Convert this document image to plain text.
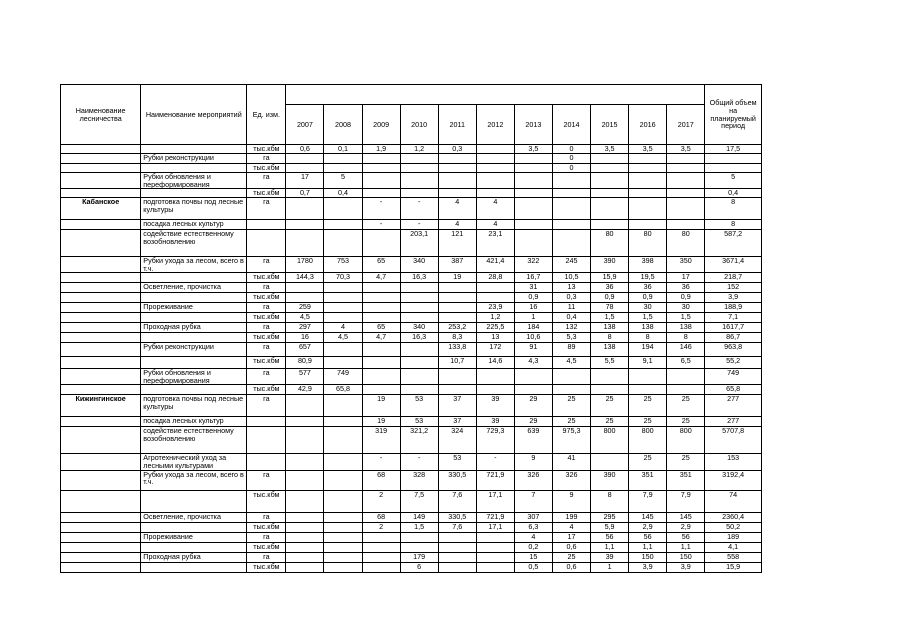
Наименование лесничества	Наименование мероприятий	Ед. изм.												Общий объем на планируемый период
			2007	2008	2009	2010	2011	2012	2013	2014	2015	2016	2017	
		тыс.кбм	0,6	0,1	1,9	1,2	0,3		3,5	0	3,5	3,5	3,5	17,5
	Рубки реконструкции	га								0				
		тыс.кбм								0				
	Рубки обновления и переформирования	га	17	5										5
		тыс.кбм	0,7	0,4										0,4
Кабанское	подготовка почвы под лесные культуры	га			-	-	4	4						8
	посадка лесных культур				-	-	4	4						8
	содействие естественному возобновлению					203,1	121	23,1			80	80	80	587,2
	Рубки ухода за лесом, всего в т.ч.	га	1780	753	65	340	387	421,4	322	245	390	398	350	3671,4
		тыс.кбм	144,3	70,3	4,7	16,3	19	28,8	16,7	10,5	15,9	19,5	17	218,7
	Осветление, прочистка	га							31	13	36	36	36	152
		тыс.кбм							0,9	0,3	0,9	0,9	0,9	3,9
	Прореживание	га	259					23,9	16	11	78	30	30	188,9
		тыс.кбм	4,5					1,2	1	0,4	1,5	1,5	1,5	7,1
	Проходная рубка	га	297	4	65	340	253,2	225,5	184	132	138	138	138	1617,7
		тыс.кбм	16	4,5	4,7	16,3	8,3	13	10,6	5,3	8	8	8	86,7
	Рубки реконструкции	га	657				133,8	172	91	89	138	194	146	963,8
		тыс.кбм	80,9				10,7	14,6	4,3	4,5	5,5	9,1	6,5	55,2
	Рубки обновления и переформирования	га	577	749										749
		тыс.кбм	42,9	65,8										65,8
Кижингинское	подготовка почвы под лесные культуры	га			19	53	37	39	29	25	25	25	25	277
	посадка лесных культур				19	53	37	39	29	25	25	25	25	277
	содействие естественному возобновлению				319	321,2	324	729,3	639	975,3	800	800	800	5707,8
	Агротехнический уход за лесными культурами				-	-	53	-	9	41		25	25	153
	Рубки ухода за лесом, всего в т.ч.	га			68	328	330,5	721,9	326	326	390	351	351	3192,4
		тыс.кбм			2	7,5	7,6	17,1	7	9	8	7,9	7,9	74
	Осветление, прочистка	га			68	149	330,5	721,9	307	199	295	145	145	2360,4
		тыс.кбм			2	1,5	7,6	17,1	6,3	4	5,9	2,9	2,9	50,2
	Прореживание	га							4	17	56	56	56	189
		тыс.кбм							0,2	0,6	1,1	1,1	1,1	4,1
	Проходная рубка	га				179			15	25	39	150	150	558
		тыс.кбм				6			0,5	0,6	1	3,9	3,9	15,9
